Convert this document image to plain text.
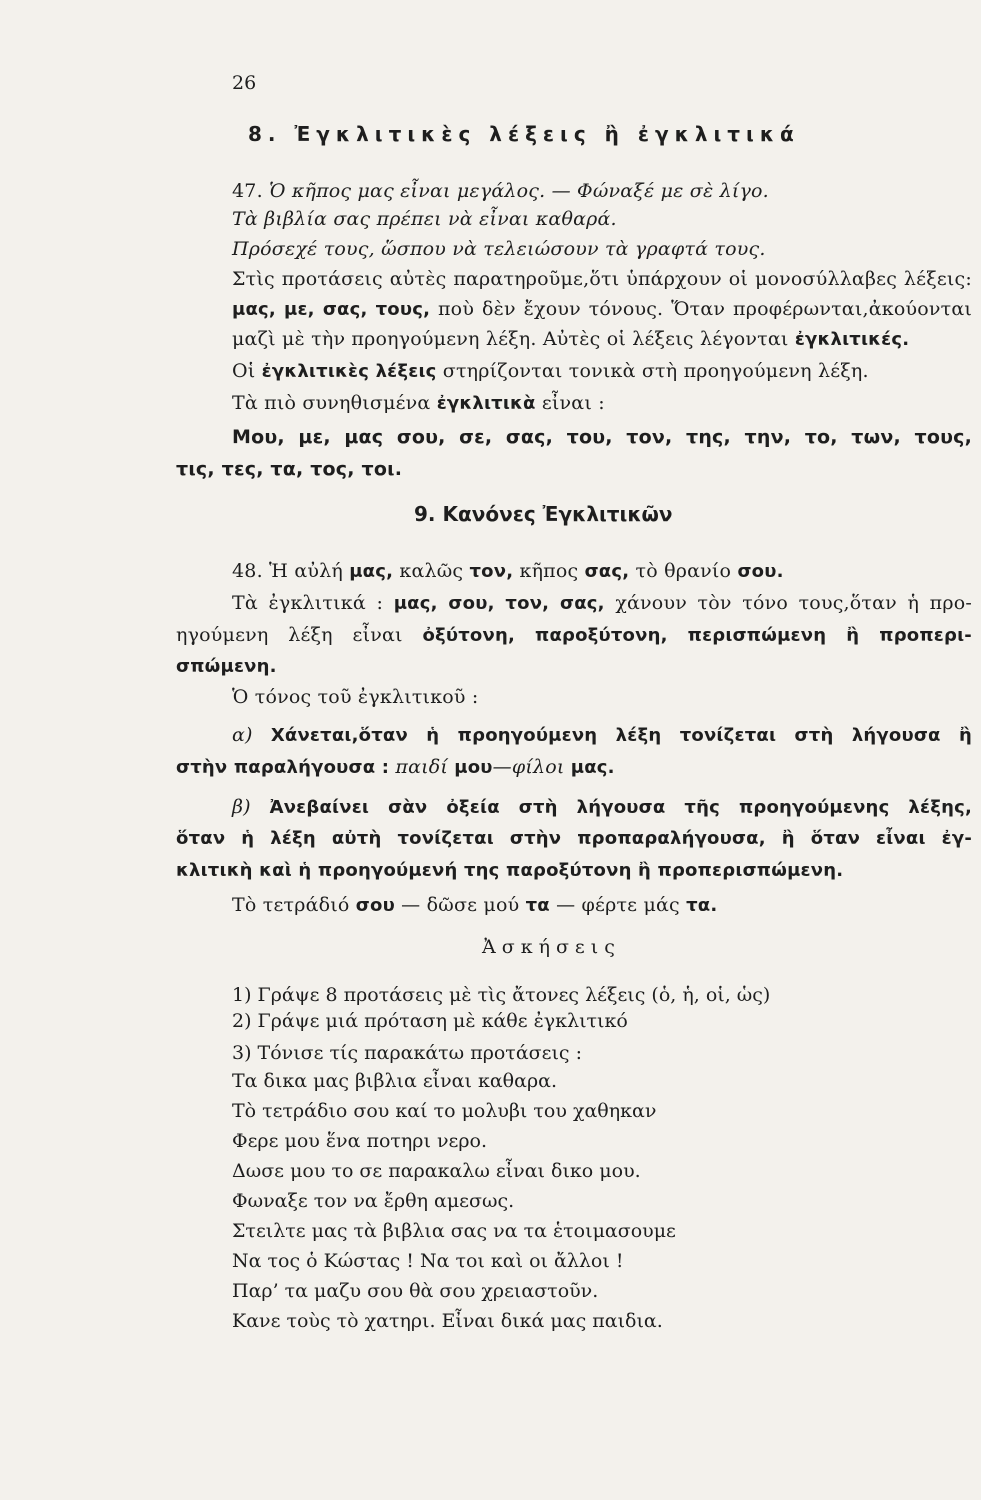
26
8. Ἐγκλιτικὲς λέξεις ἢ ἐγκλιτικά
47. Ὁ κῆπος μας εἶναι μεγάλος. — Φώναξέ με σὲ λίγο.
Τὰ βιβλία σας πρέπει νὰ εἶναι καθαρά.
Πρόσεχέ τους, ὥσπου νὰ τελειώσουν τὰ γραφτά τους.
Στὶς προτάσεις αὐτὲς παρατηροῦμε,ὅτι ὑπάρχουν οἱ μονοσύλλαβες λέξεις:
μας, με, σας, τους, ποὺ δὲν ἔχουν τόνους. Ὅταν προφέρωνται,ἀκούονται
μαζὶ μὲ τὴν προηγούμενη λέξη. Αὐτὲς οἱ λέξεις λέγονται ἐγκλιτικές.
Οἱ ἐγκλιτικὲς λέξεις στηρίζονται τονικὰ στὴ προηγούμενη λέξη.
Τὰ πιὸ συνηθισμένα ἐγκλιτικὰ εἶναι :
Μου, με, μας σου, σε, σας, του, τον, της, την, το, των, τους,
τις, τες, τα, τος, τοι.
9. Κανόνες Ἐγκλιτικῶν
48. Ἡ αὐλή μας, καλῶς τον, κῆπος σας, τὸ θρανίο σου.
Τὰ ἐγκλιτικά : μας, σου, τον, σας, χάνουν τὸν τόνο τους,ὅταν ἡ προ-
ηγούμενη λέξη εἶναι ὀξύτονη, παροξύτονη, περισπώμενη ἢ προπερι-
σπώμενη.
Ὁ τόνος τοῦ ἐγκλιτικοῦ :
α) Χάνεται,ὅταν ἡ προηγούμενη λέξη τονίζεται στὴ λήγουσα ἢ
στὴν παραλήγουσα : παιδί μου—φίλοι μας.
β) Ἀνεβαίνει σὰν ὀξεία στὴ λήγουσα τῆς προηγούμενης λέξης,
ὅταν ἡ λέξη αὐτὴ τονίζεται στὴν προπαραλήγουσα, ἢ ὅταν εἶναι ἐγ-
κλιτικὴ καὶ ἡ προηγούμενή της παροξύτονη ἢ προπερισπώμενη.
Τὸ τετράδιό σου — δῶσε μού τα — φέρτε μάς τα.
Ἀσκήσεις
1) Γράψε 8 προτάσεις μὲ τὶς ἄτονες λέξεις (ὁ, ἡ, οἱ, ὡς)
2) Γράψε μιά πρόταση μὲ κάθε ἐγκλιτικό
3) Τόνισε τίς παρακάτω προτάσεις :
Τα δικα μας βιβλια εἶναι καθαρα.
Τὸ τετράδιο σου καί το μολυβι του χαθηκαν
Φερε μου ἕνα ποτηρι νερο.
Δωσε μου το σε παρακαλω εἶναι δικο μου.
Φωναξε τον να ἔρθη αμεσως.
Στειλτε μας τὰ βιβλια σας να τα ἑτοιμασουμε
Να τος ὁ Κώστας ! Να τοι καὶ οι ἄλλοι !
Παρ’ τα μαζυ σου θὰ σου χρειαστοῦν.
Κανε τοὺς τὸ χατηρι. Εἶναι δικά μας παιδια.
